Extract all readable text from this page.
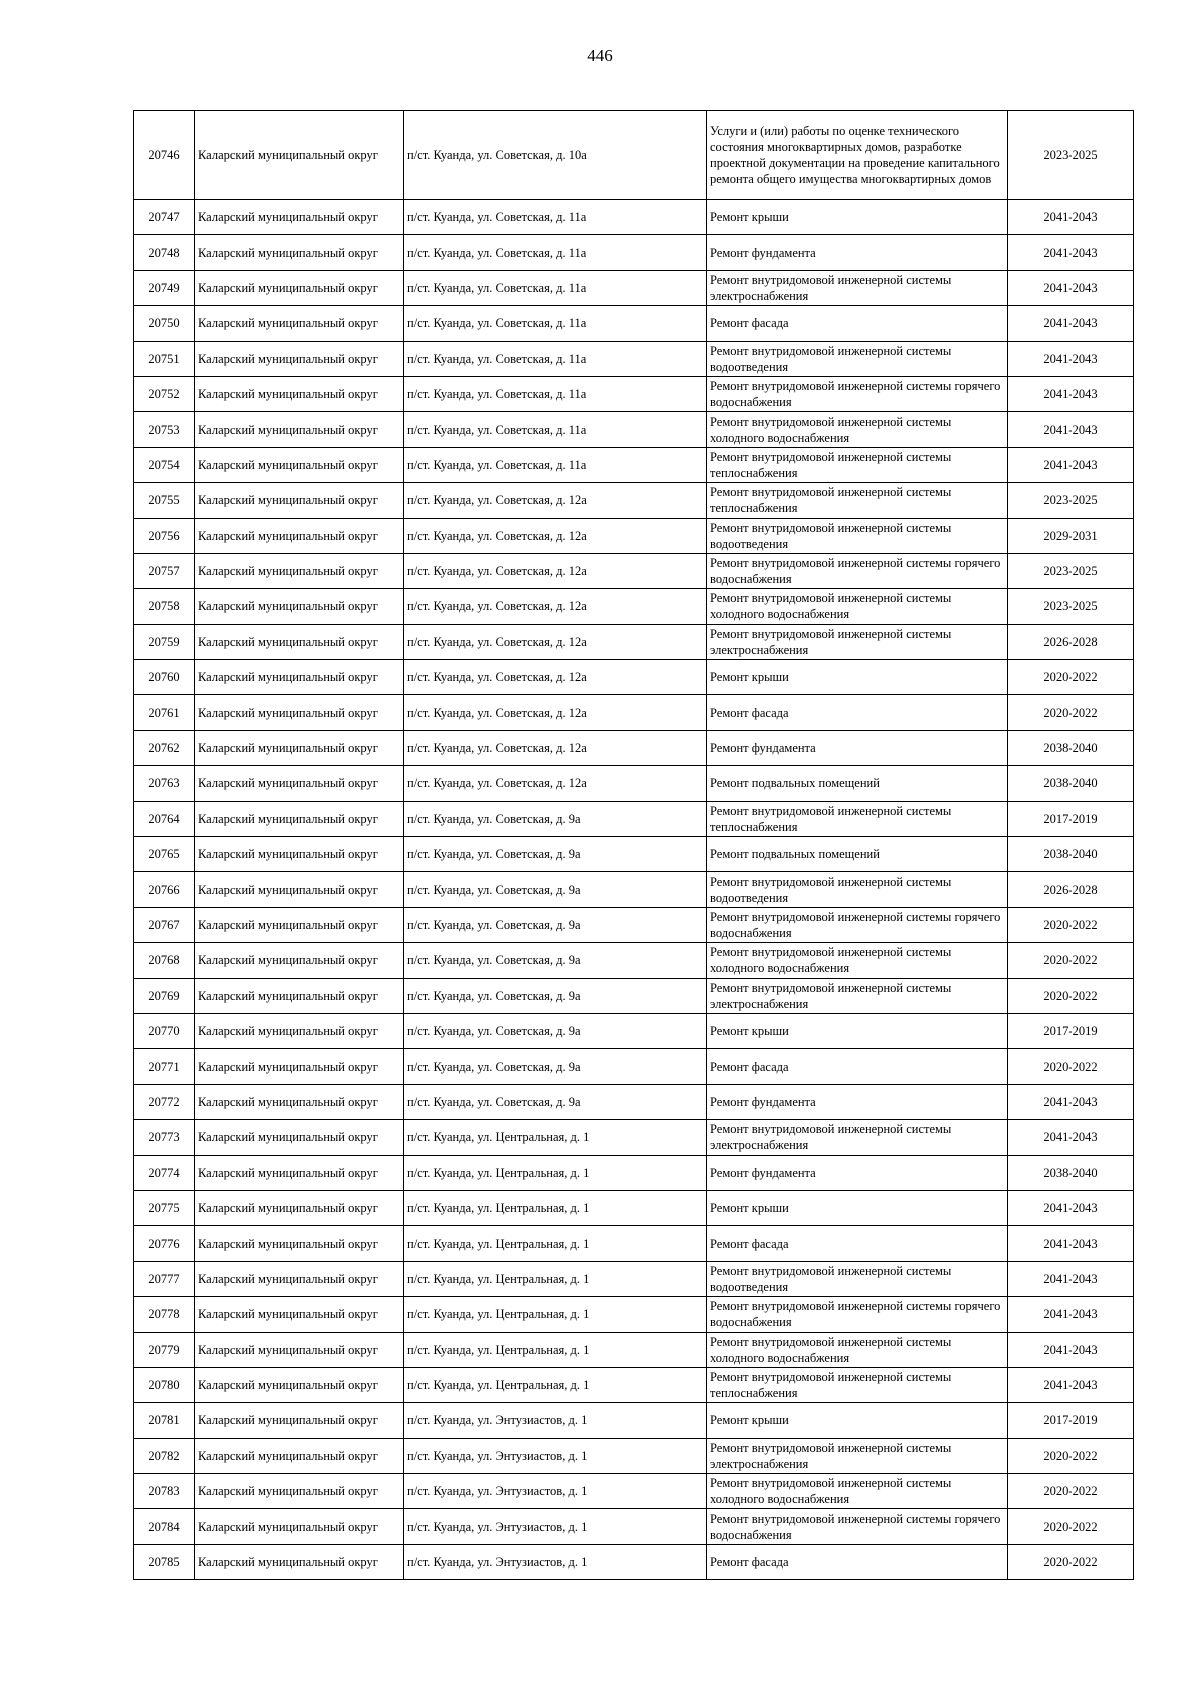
446
20746	Каларский муниципальный округ	п/ст. Куанда, ул. Советская, д. 10а	Услуги и (или) работы по оценке технического состояния многоквартирных домов, разработке проектной документации на проведение капитального ремонта общего имущества многоквартирных домов	2023-2025
20747	Каларский муниципальный округ	п/ст. Куанда, ул. Советская, д. 11а	Ремонт крыши	2041-2043
20748	Каларский муниципальный округ	п/ст. Куанда, ул. Советская, д. 11а	Ремонт фундамента	2041-2043
20749	Каларский муниципальный округ	п/ст. Куанда, ул. Советская, д. 11а	Ремонт внутридомовой инженерной системы электроснабжения	2041-2043
20750	Каларский муниципальный округ	п/ст. Куанда, ул. Советская, д. 11а	Ремонт фасада	2041-2043
20751	Каларский муниципальный округ	п/ст. Куанда, ул. Советская, д. 11а	Ремонт внутридомовой инженерной системы водоотведения	2041-2043
20752	Каларский муниципальный округ	п/ст. Куанда, ул. Советская, д. 11а	Ремонт внутридомовой инженерной системы горячего водоснабжения	2041-2043
20753	Каларский муниципальный округ	п/ст. Куанда, ул. Советская, д. 11а	Ремонт внутридомовой инженерной системы холодного водоснабжения	2041-2043
20754	Каларский муниципальный округ	п/ст. Куанда, ул. Советская, д. 11а	Ремонт внутридомовой инженерной системы теплоснабжения	2041-2043
20755	Каларский муниципальный округ	п/ст. Куанда, ул. Советская, д. 12а	Ремонт внутридомовой инженерной системы теплоснабжения	2023-2025
20756	Каларский муниципальный округ	п/ст. Куанда, ул. Советская, д. 12а	Ремонт внутридомовой инженерной системы водоотведения	2029-2031
20757	Каларский муниципальный округ	п/ст. Куанда, ул. Советская, д. 12а	Ремонт внутридомовой инженерной системы горячего водоснабжения	2023-2025
20758	Каларский муниципальный округ	п/ст. Куанда, ул. Советская, д. 12а	Ремонт внутридомовой инженерной системы холодного водоснабжения	2023-2025
20759	Каларский муниципальный округ	п/ст. Куанда, ул. Советская, д. 12а	Ремонт внутридомовой инженерной системы электроснабжения	2026-2028
20760	Каларский муниципальный округ	п/ст. Куанда, ул. Советская, д. 12а	Ремонт крыши	2020-2022
20761	Каларский муниципальный округ	п/ст. Куанда, ул. Советская, д. 12а	Ремонт фасада	2020-2022
20762	Каларский муниципальный округ	п/ст. Куанда, ул. Советская, д. 12а	Ремонт фундамента	2038-2040
20763	Каларский муниципальный округ	п/ст. Куанда, ул. Советская, д. 12а	Ремонт подвальных помещений	2038-2040
20764	Каларский муниципальный округ	п/ст. Куанда, ул. Советская, д. 9а	Ремонт внутридомовой инженерной системы теплоснабжения	2017-2019
20765	Каларский муниципальный округ	п/ст. Куанда, ул. Советская, д. 9а	Ремонт подвальных помещений	2038-2040
20766	Каларский муниципальный округ	п/ст. Куанда, ул. Советская, д. 9а	Ремонт внутридомовой инженерной системы водоотведения	2026-2028
20767	Каларский муниципальный округ	п/ст. Куанда, ул. Советская, д. 9а	Ремонт внутридомовой инженерной системы горячего водоснабжения	2020-2022
20768	Каларский муниципальный округ	п/ст. Куанда, ул. Советская, д. 9а	Ремонт внутридомовой инженерной системы холодного водоснабжения	2020-2022
20769	Каларский муниципальный округ	п/ст. Куанда, ул. Советская, д. 9а	Ремонт внутридомовой инженерной системы электроснабжения	2020-2022
20770	Каларский муниципальный округ	п/ст. Куанда, ул. Советская, д. 9а	Ремонт крыши	2017-2019
20771	Каларский муниципальный округ	п/ст. Куанда, ул. Советская, д. 9а	Ремонт фасада	2020-2022
20772	Каларский муниципальный округ	п/ст. Куанда, ул. Советская, д. 9а	Ремонт фундамента	2041-2043
20773	Каларский муниципальный округ	п/ст. Куанда, ул. Центральная, д. 1	Ремонт внутридомовой инженерной системы электроснабжения	2041-2043
20774	Каларский муниципальный округ	п/ст. Куанда, ул. Центральная, д. 1	Ремонт фундамента	2038-2040
20775	Каларский муниципальный округ	п/ст. Куанда, ул. Центральная, д. 1	Ремонт крыши	2041-2043
20776	Каларский муниципальный округ	п/ст. Куанда, ул. Центральная, д. 1	Ремонт фасада	2041-2043
20777	Каларский муниципальный округ	п/ст. Куанда, ул. Центральная, д. 1	Ремонт внутридомовой инженерной системы водоотведения	2041-2043
20778	Каларский муниципальный округ	п/ст. Куанда, ул. Центральная, д. 1	Ремонт внутридомовой инженерной системы горячего водоснабжения	2041-2043
20779	Каларский муниципальный округ	п/ст. Куанда, ул. Центральная, д. 1	Ремонт внутридомовой инженерной системы холодного водоснабжения	2041-2043
20780	Каларский муниципальный округ	п/ст. Куанда, ул. Центральная, д. 1	Ремонт внутридомовой инженерной системы теплоснабжения	2041-2043
20781	Каларский муниципальный округ	п/ст. Куанда, ул. Энтузиастов, д. 1	Ремонт крыши	2017-2019
20782	Каларский муниципальный округ	п/ст. Куанда, ул. Энтузиастов, д. 1	Ремонт внутридомовой инженерной системы электроснабжения	2020-2022
20783	Каларский муниципальный округ	п/ст. Куанда, ул. Энтузиастов, д. 1	Ремонт внутридомовой инженерной системы холодного водоснабжения	2020-2022
20784	Каларский муниципальный округ	п/ст. Куанда, ул. Энтузиастов, д. 1	Ремонт внутридомовой инженерной системы горячего водоснабжения	2020-2022
20785	Каларский муниципальный округ	п/ст. Куанда, ул. Энтузиастов, д. 1	Ремонт фасада	2020-2022
